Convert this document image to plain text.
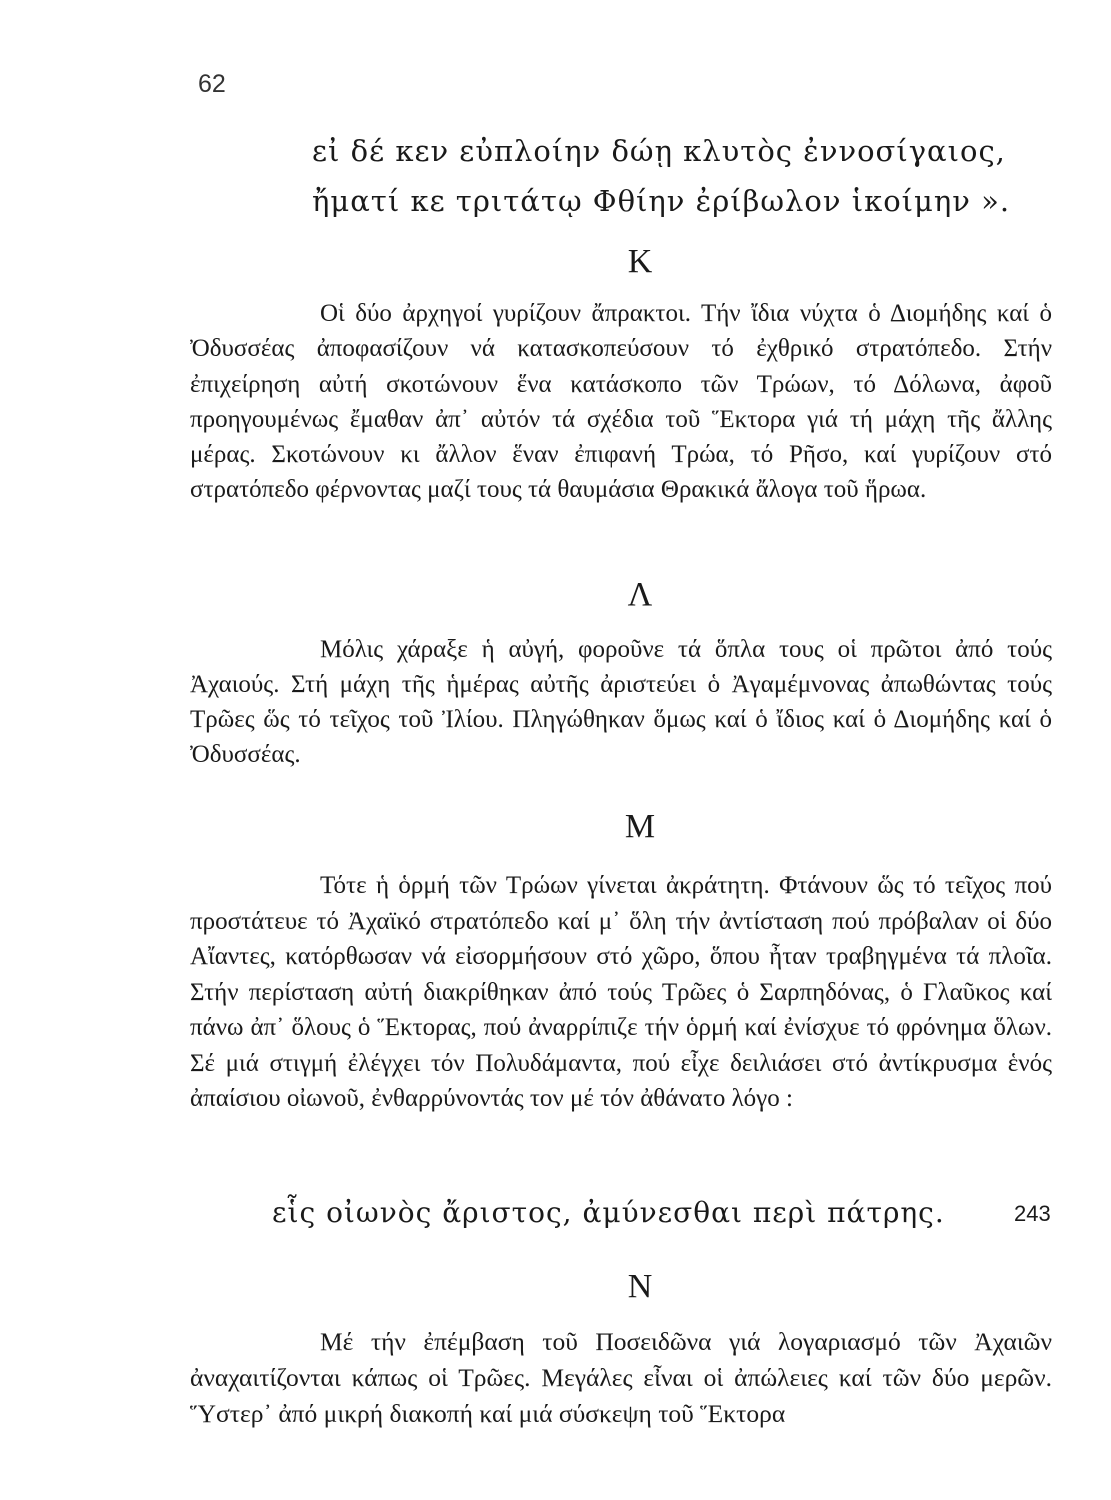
62
εἰ δέ κεν εὐπλοίην δώῃ κλυτὸς ἐννοσίγαιος,
ἤματί κε τριτάτῳ Φθίην ἐρίβωλον ἱκοίμην ».
Κ
Οἱ δύο ἀρχηγοί γυρίζουν ἄπρακτοι. Τήν ἴδια νύχτα ὁ Διομήδης καί ὁ Ὀδυσσέας ἀποφασίζουν νά κατασκοπεύσουν τό ἐχθρικό στρατόπεδο. Στήν ἐπιχείρηση αὐτή σκοτώνουν ἕνα κατάσκοπο τῶν Τρώων, τό Δόλωνα, ἀφοῦ προηγουμένως ἔμαθαν ἀπ᾽ αὐτόν τά σχέδια τοῦ Ἕκτορα γιά τή μάχη τῆς ἄλλης μέρας. Σκοτώνουν κι ἄλλον ἕναν ἐπιφανή Τρώα, τό Ρῆσο, καί γυρίζουν στό στρατόπεδο φέρνοντας μαζί τους τά θαυμάσια Θρακικά ἄλογα τοῦ ἥρωα.
Λ
Μόλις χάραξε ἡ αὐγή, φοροῦνε τά ὅπλα τους οἱ πρῶτοι ἀπό τούς Ἀχαιούς. Στή μάχη τῆς ἡμέρας αὐτῆς ἀριστεύει ὁ Ἀγαμέμνονας ἀπωθώντας τούς Τρῶες ὥς τό τεῖχος τοῦ Ἰλίου. Πληγώθηκαν ὅμως καί ὁ ἴδιος καί ὁ Διομήδης καί ὁ Ὀδυσσέας.
Μ
Τότε ἡ ὁρμή τῶν Τρώων γίνεται ἀκράτητη. Φτάνουν ὥς τό τεῖχος πού προστάτευε τό Ἀχαϊκό στρατόπεδο καί μ᾽ ὅλη τήν ἀντίσταση πού πρόβαλαν οἱ δύο Αἴαντες, κατόρθωσαν νά εἰσορμήσουν στό χῶρο, ὅπου ἦταν τραβηγμένα τά πλοῖα. Στήν περίσταση αὐτή διακρίθηκαν ἀπό τούς Τρῶες ὁ Σαρπηδόνας, ὁ Γλαῦκος καί πάνω ἀπ᾽ ὅλους ὁ Ἕκτορας, πού ἀναρρίπιζε τήν ὁρμή καί ἐνίσχυε τό φρόνημα ὅλων. Σέ μιά στιγμή ἐλέγχει τόν Πολυδάμαντα, πού εἶχε δειλιάσει στό ἀντίκρυσμα ἑνός ἀπαίσιου οἰωνοῦ, ἐνθαρρύνοντάς τον μέ τόν ἀθάνατο λόγο :
εἷς οἰωνὸς ἄριστος, ἀμύνεσθαι περὶ πάτρης.	243
Ν
Μέ τήν ἐπέμβαση τοῦ Ποσειδῶνα γιά λογαριασμό τῶν Ἀχαιῶν ἀναχαιτίζονται κάπως οἱ Τρῶες. Μεγάλες εἶναι οἱ ἀπώλειες καί τῶν δύο μερῶν. Ὕστερ᾽ ἀπό μικρή διακοπή καί μιά σύσκεψη τοῦ Ἕκτορα
